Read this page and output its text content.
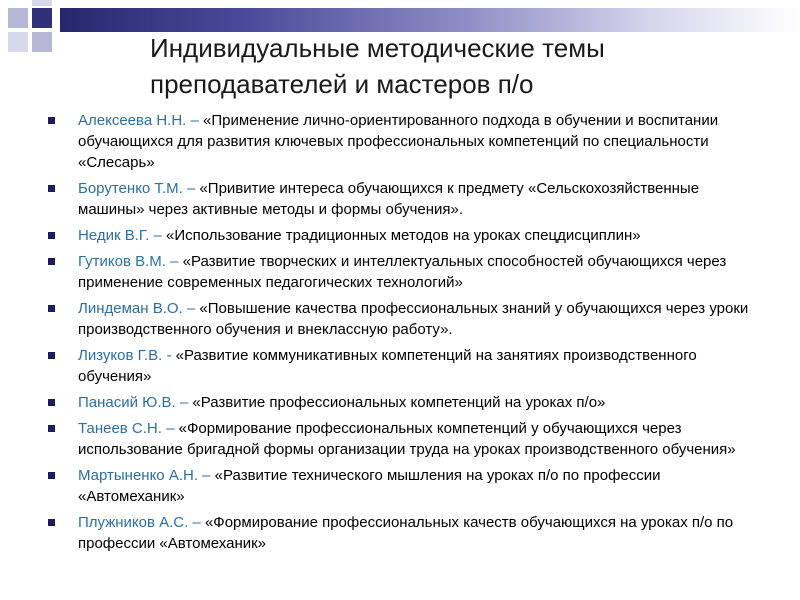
Индивидуальные методические темы
преподавателей и мастеров п/о
Алексеева Н.Н. – «Применение лично-ориентированного подхода в обучении и воспитании обучающихся для развития ключевых профессиональных компетенций по специальности «Слесарь»
Борутенко Т.М. – «Привитие интереса обучающихся к предмету «Сельскохозяйственные машины» через активные методы и формы обучения».
Недик В.Г. – «Использование традиционных методов на уроках спецдисциплин»
Гутиков В.М. – «Развитие творческих и интеллектуальных способностей обучающихся через применение современных педагогических технологий»
Линдеман В.О. – «Повышение качества профессиональных знаний у обучающихся через уроки производственного обучения и внеклассную работу».
Лизуков Г.В. - «Развитие коммуникативных компетенций на занятиях производственного обучения»
Панасий Ю.В. – «Развитие профессиональных компетенций на уроках п/о»
Танеев С.Н. – «Формирование профессиональных компетенций у обучающихся через использование бригадной формы организации труда на уроках производственного обучения»
Мартыненко А.Н. – «Развитие технического мышления на уроках п/о по профессии «Автомеханик»
Плужников А.С. – «Формирование профессиональных качеств обучающихся на уроках п/о по профессии «Автомеханик»
